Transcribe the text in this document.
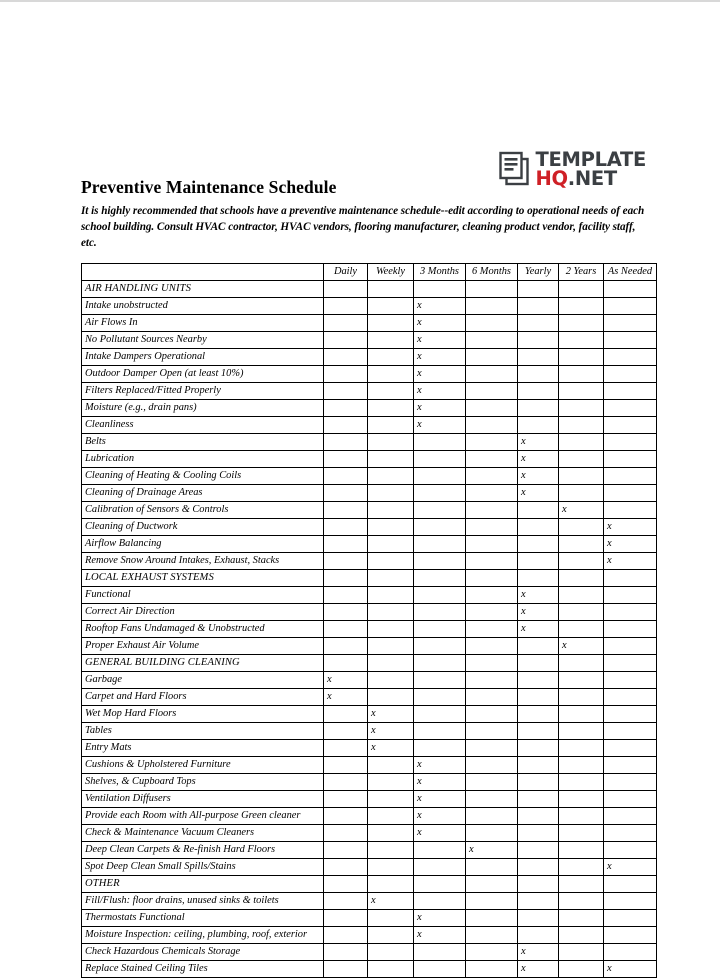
Preventive Maintenance Schedule
TEMPLATE
HQ.NET

It is highly recommended that schools have a preventive maintenance schedule--edit according to operational needs of each school building. Consult HVAC contractor, HVAC vendors, flooring manufacturer, cleaning product vendor, facility staff, etc.

	Daily	Weekly	3 Months	6 Months	Yearly	2 Years	As Needed
AIR HANDLING UNITS							
Intake unobstructed			x				
Air Flows In			x				
No Pollutant Sources Nearby			x				
Intake Dampers Operational			x				
Outdoor Damper Open (at least 10%)			x				
Filters Replaced/Fitted Properly			x				
Moisture (e.g., drain pans)			x				
Cleanliness			x				
Belts					x		
Lubrication					x		
Cleaning of Heating & Cooling Coils					x		
Cleaning of Drainage Areas					x		
Calibration of Sensors & Controls						x	
Cleaning of Ductwork							x
Airflow Balancing							x
Remove Snow Around Intakes, Exhaust, Stacks							x
LOCAL EXHAUST SYSTEMS							
Functional					x		
Correct Air Direction					x		
Rooftop Fans Undamaged & Unobstructed					x		
Proper Exhaust Air Volume						x	
GENERAL BUILDING CLEANING							
Garbage	x						
Carpet and Hard Floors	x						
Wet Mop Hard Floors		x					
Tables		x					
Entry Mats		x					
Cushions & Upholstered Furniture			x				
Shelves, & Cupboard Tops			x				
Ventilation Diffusers			x				
Provide each Room with All-purpose Green cleaner			x				
Check & Maintenance Vacuum Cleaners			x				
Deep Clean Carpets & Re-finish Hard Floors				x			
Spot Deep Clean Small Spills/Stains							x
OTHER							
Fill/Flush: floor drains, unused sinks & toilets		x					
Thermostats Functional			x				
Moisture Inspection: ceiling, plumbing, roof, exterior			x				
Check Hazardous Chemicals Storage					x		
Replace Stained Ceiling Tiles					x		x
